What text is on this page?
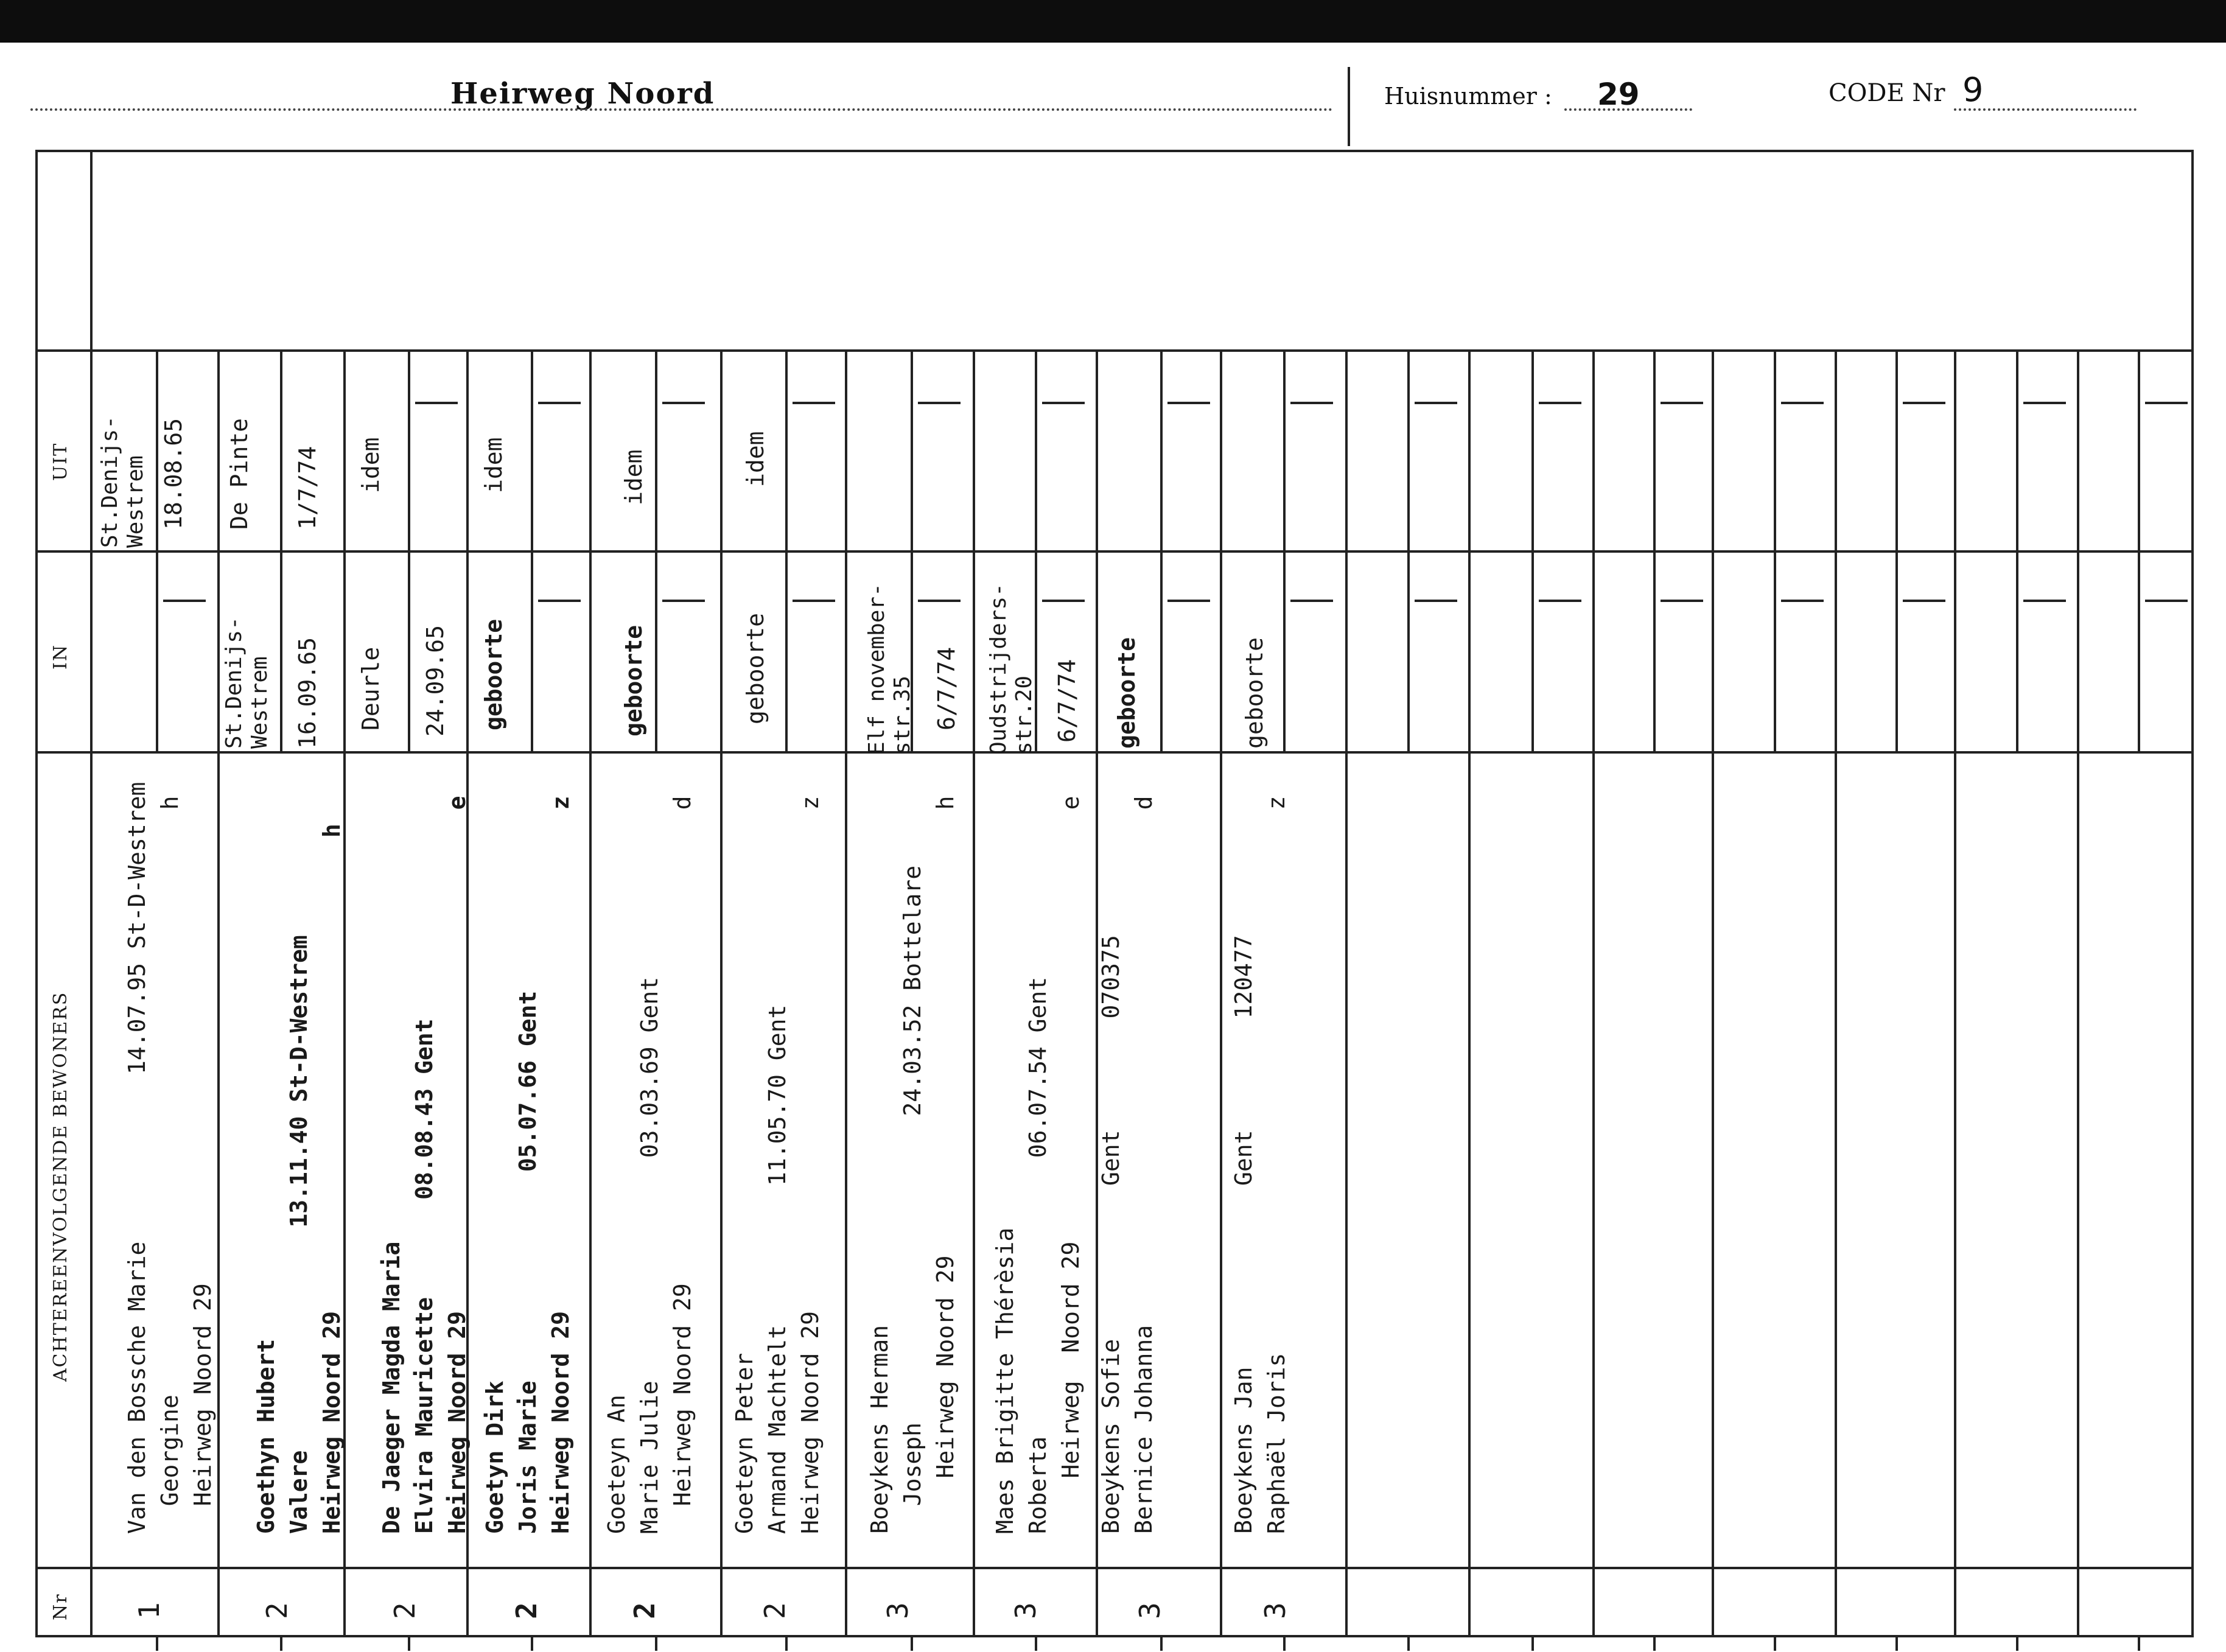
Heirweg Noord	Huisnummer : 29	CODE Nr 9
UIT
IN
ACHTEREENVOLGENDE BEWONERS
Nr
St.Denijs-
Westrem 18.08.65
Van den Bossche Marie            14.07.95 St-D-Westrem
Georgine                                          h
Heirweg Noord 29
1
De Pinte 1/7/74
St.Denijs-
Westrem 16.09.65
Goethyn Hubert
Valere                13.11.40 St-D-Westrem
Heirweg Noord 29                                  h
2
idem
Deurle 24.09.65
De Jaeger Magda Maria
Elvira Mauricette       08.08.43 Gent
Heirweg Noord 29                                    e
2
idem
geboorte
Goetyn Dirk
Joris Marie               05.07.66 Gent
Heirweg Noord 29                                    z
2
idem
geboorte
Goeteyn An
Marie Julie                03.03.69 Gent
Heirweg Noord 29                                  d
2
idem
geboorte
Goeteyn Peter
Armand Machtelt          11.05.70 Gent
Heirweg Noord 29                                    z
2
Elf november-
str.35 6/7/74
Boeykens Herman
Joseph                      24.03.52 Bottelare
Heirweg Noord 29                                h
3
Oudstrijders-
str.20 6/7/74
Maes Brigitte Thérèsia
Roberta                    06.07.54 Gent
Heirweg  Noord 29                               e
3
geboorte
Boeykens Sofie           Gent        070375
Bernice Johanna                                     d
3
geboorte
Boeykens Jan             Gent        120477
Raphaël Joris                                       z
3
